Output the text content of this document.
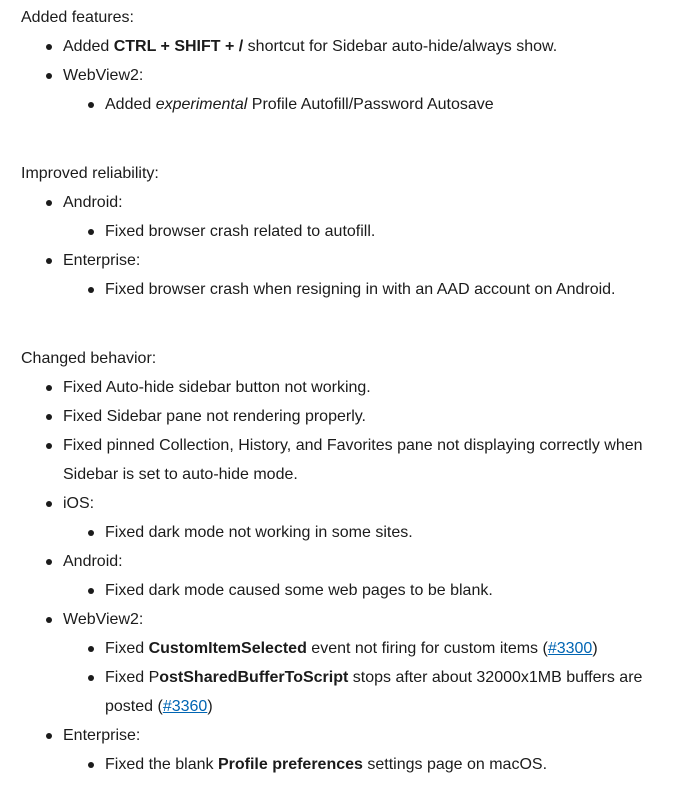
Added features:

Added CTRL + SHIFT + / shortcut for Sidebar auto-hide/always show.
WebView2:
Added experimental Profile Autofill/Password Autosave

Improved reliability:

Android:
Fixed browser crash related to autofill.
Enterprise:
Fixed browser crash when resigning in with an AAD account on Android.

Changed behavior:

Fixed Auto-hide sidebar button not working.
Fixed Sidebar pane not rendering properly.
Fixed pinned Collection, History, and Favorites pane not displaying correctly when Sidebar is set to auto-hide mode.
iOS:
Fixed dark mode not working in some sites.
Android:
Fixed dark mode caused some web pages to be blank.
WebView2:
Fixed CustomItemSelected event not firing for custom items (#3300)
Fixed PostSharedBufferToScript stops after about 32000x1MB buffers are posted (#3360)
Enterprise:
Fixed the blank Profile preferences settings page on macOS.
